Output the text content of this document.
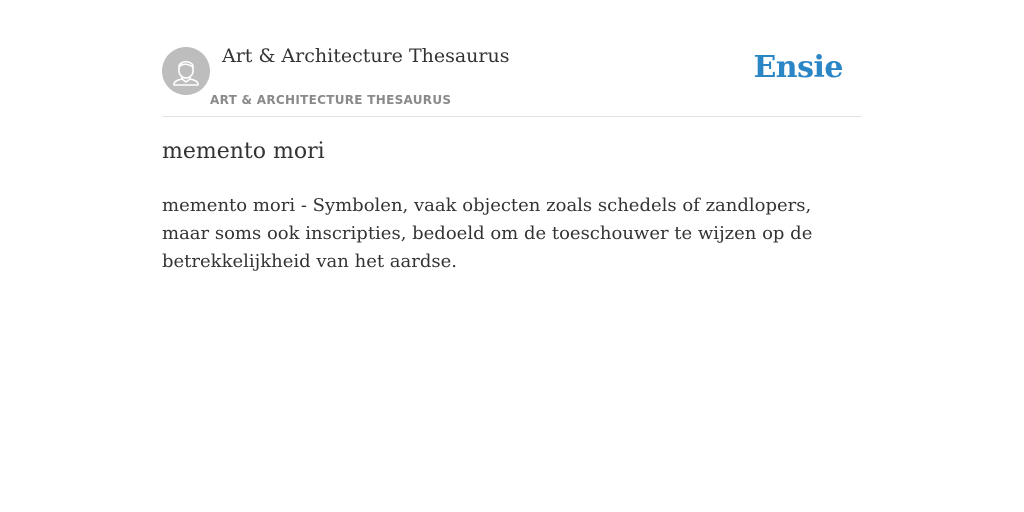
Art & Architecture Thesaurus
ART & ARCHITECTURE THESAURUS
Ensie
memento mori

memento mori - Symbolen, vaak objecten zoals schedels of zandlopers, maar soms ook inscripties, bedoeld om de toeschouwer te wijzen op de betrekkelijkheid van het aardse.
